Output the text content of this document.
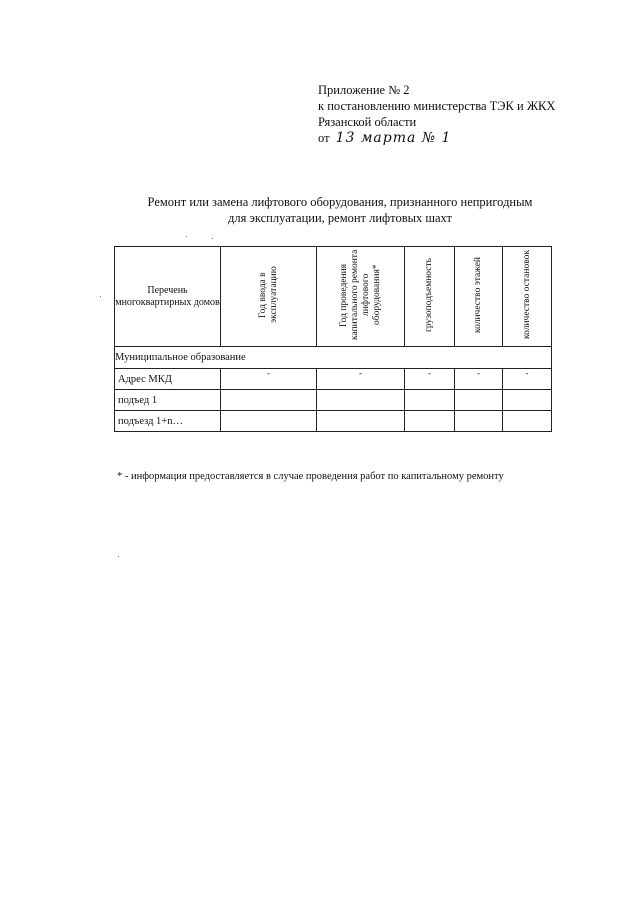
Приложение № 2
к постановлению министерства ТЭК и ЖКХ
Рязанской области
от 13 марта № 1
Ремонт или замена лифтового оборудования, признанного непригодным
для эксплуатации, ремонт лифтовых шахт
Перечень многоквартирных домов	Год ввода в эксплуатацию	Год проведения капитального ремонта лифтового оборудования*	грузоподъемность	количество этажей	количество остановок
Муниципальное образование					
Адрес МКД	-	-	-	-	-
подъед 1					
подъезд 1+n…					
* - информация предоставляется в случае проведения работ по капитальному ремонту
